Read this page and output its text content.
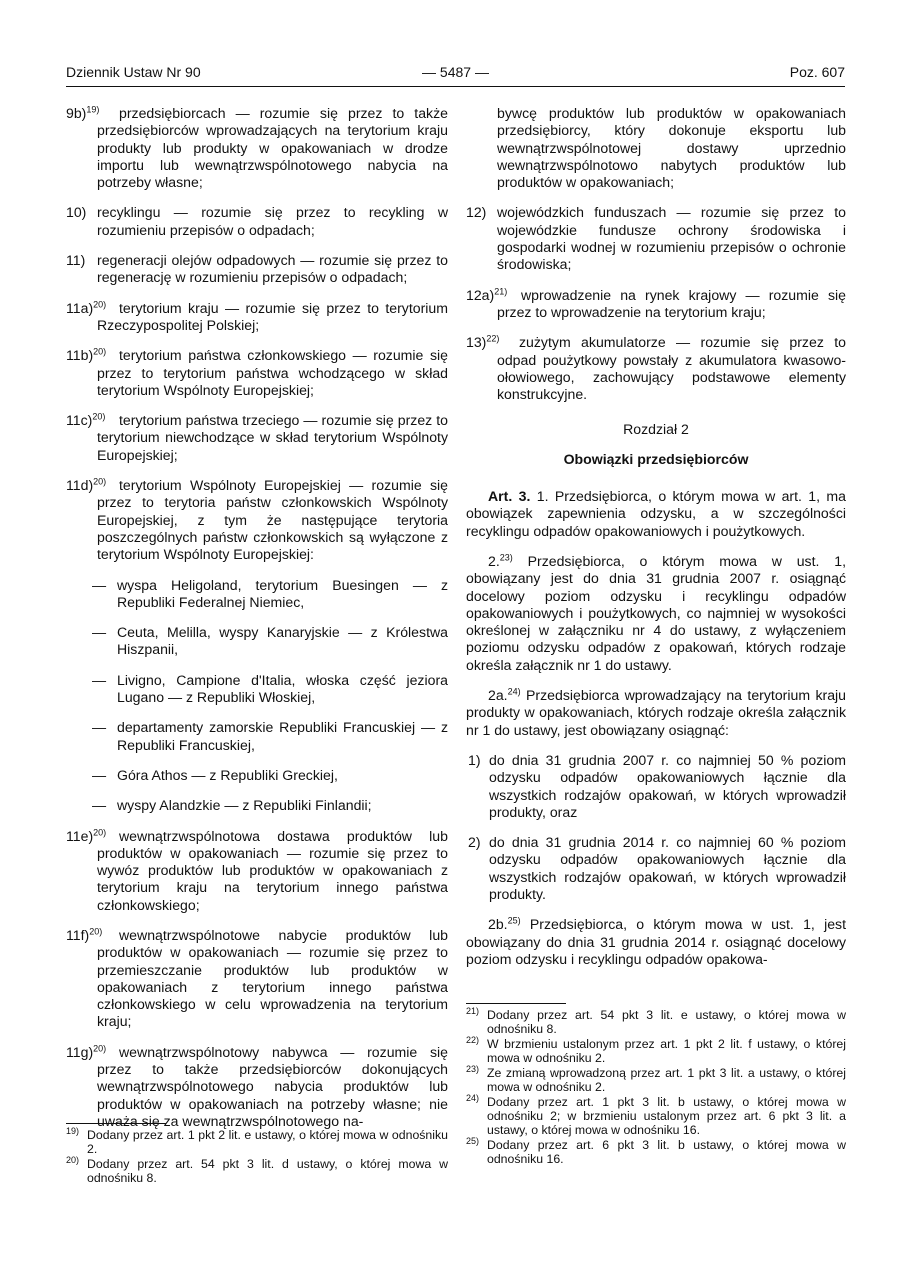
Dziennik Ustaw Nr 90	— 5487 —	Poz. 607
9b)$^{19)}$	przedsiębiorcach — rozumie się przez to także przedsiębiorców wprowadzających na terytorium kraju produkty lub produkty w opakowaniach w drodze importu lub wewnątrzwspólnotowego nabycia na potrzeby własne;

10) recyklingu — rozumie się przez to recykling w rozumieniu przepisów o odpadach;

11) regeneracji olejów odpadowych — rozumie się przez to regenerację w rozumieniu przepisów o odpadach;

11a)$^{20)}$ terytorium kraju — rozumie się przez to terytorium Rzeczypospolitej Polskiej;

11b)$^{20)}$ terytorium państwa członkowskiego — rozumie się przez to terytorium państwa wchodzącego w skład terytorium Wspólnoty Europejskiej;

11c)$^{20)}$ terytorium państwa trzeciego — rozumie się przez to terytorium niewchodzące w skład terytorium Wspólnoty Europejskiej;

11d)$^{20)}$ terytorium Wspólnoty Europejskiej — rozumie się przez to terytoria państw członkowskich Wspólnoty Europejskiej, z tym że następujące terytoria poszczególnych państw członkowskich są wyłączone z terytorium Wspólnoty Europejskiej:

— wyspa Heligoland, terytorium Buesingen — z Republiki Federalnej Niemiec,

— Ceuta, Melilla, wyspy Kanaryjskie — z Królestwa Hiszpanii,

— Livigno, Campione d'Italia, włoska część jeziora Lugano — z Republiki Włoskiej,

— departamenty zamorskie Republiki Francuskiej — z Republiki Francuskiej,

— Góra Athos — z Republiki Greckiej,

— wyspy Alandzkie — z Republiki Finlandii;

11e)$^{20)}$ wewnątrzwspólnotowa dostawa produktów lub produktów w opakowaniach — rozumie się przez to wywóz produktów lub produktów w opakowaniach z terytorium kraju na terytorium innego państwa członkowskiego;

11f)$^{20)}$	wewnątrzwspólnotowe nabycie produktów lub produktów w opakowaniach — rozumie się przez to przemieszczanie produktów lub produktów w opakowaniach z terytorium innego państwa członkowskiego w celu wprowadzenia na terytorium kraju;

11g)$^{20)}$ wewnątrzwspólnotowy nabywca — rozumie się przez to także przedsiębiorców dokonujących wewnątrzwspólnotowego nabycia produktów lub produktów w opakowaniach na potrzeby własne; nie uważa się za wewnątrzwspólnotowego na-

$^{19)}$ Dodany przez art. 1 pkt 2 lit. e ustawy, o której mowa w odnośniku 2.

$^{20)}$ Dodany przez art. 54 pkt 3 lit. d ustawy, o której mowa w odnośniku 8.

bywcę produktów lub produktów w opakowaniach przedsiębiorcy, który dokonuje eksportu lub wewnątrzwspólnotowej dostawy uprzednio wewnątrzwspólnotowo nabytych produktów lub produktów w opakowaniach;

12) wojewódzkich funduszach — rozumie się przez to wojewódzkie fundusze ochrony środowiska i gospodarki wodnej w rozumieniu przepisów o ochronie środowiska;

12a)$^{21)}$ wprowadzenie na rynek krajowy — rozumie się przez to wprowadzenie na terytorium kraju;

13)$^{22)}$	zużytym akumulatorze — rozumie się przez to odpad poużytkowy powstały z akumulatora kwasowo-ołowiowego, zachowujący podstawowe elementy konstrukcyjne.

Rozdział 2
Obowiązki przedsiębiorców

Art. 3. 1. Przedsiębiorca, o którym mowa w art. 1, ma obowiązek zapewnienia odzysku, a w szczególności recyklingu odpadów opakowaniowych i poużytkowych.

2.$^{23)}$ Przedsiębiorca, o którym mowa w ust. 1, obowiązany jest do dnia 31 grudnia 2007 r. osiągnąć docelowy poziom odzysku i recyklingu odpadów opakowaniowych i poużytkowych, co najmniej w wysokości określonej w załączniku nr 4 do ustawy, z wyłączeniem poziomu odzysku odpadów z opakowań, których rodzaje określa załącznik nr 1 do ustawy.

2a.$^{24)}$ Przedsiębiorca wprowadzający na terytorium kraju produkty w opakowaniach, których rodzaje określa załącznik nr 1 do ustawy, jest obowiązany osiągnąć:

1) do dnia 31 grudnia 2007 r. co najmniej 50 % poziom odzysku odpadów opakowaniowych łącznie dla wszystkich rodzajów opakowań, w których wprowadził produkty, oraz

2) do dnia 31 grudnia 2014 r. co najmniej 60 % poziom odzysku odpadów opakowaniowych łącznie dla wszystkich rodzajów opakowań, w których wprowadził produkty.

2b.$^{25)}$ Przedsiębiorca, o którym mowa w ust. 1, jest obowiązany do dnia 31 grudnia 2014 r. osiągnąć docelowy poziom odzysku i recyklingu odpadów opakowa-

$^{21)}$ Dodany przez art. 54 pkt 3 lit. e ustawy, o której mowa w odnośniku 8.

$^{22)}$ W brzmieniu ustalonym przez art. 1 pkt 2 lit. f ustawy, o której mowa w odnośniku 2.

$^{23)}$ Ze zmianą wprowadzoną przez art. 1 pkt 3 lit. a ustawy, o której mowa w odnośniku 2.

$^{24)}$ Dodany przez art. 1 pkt 3 lit. b ustawy, o której mowa w odnośniku 2; w brzmieniu ustalonym przez art. 6 pkt 3 lit. a ustawy, o której mowa w odnośniku 16.

$^{25)}$ Dodany przez art. 6 pkt 3 lit. b ustawy, o której mowa w odnośniku 16.
